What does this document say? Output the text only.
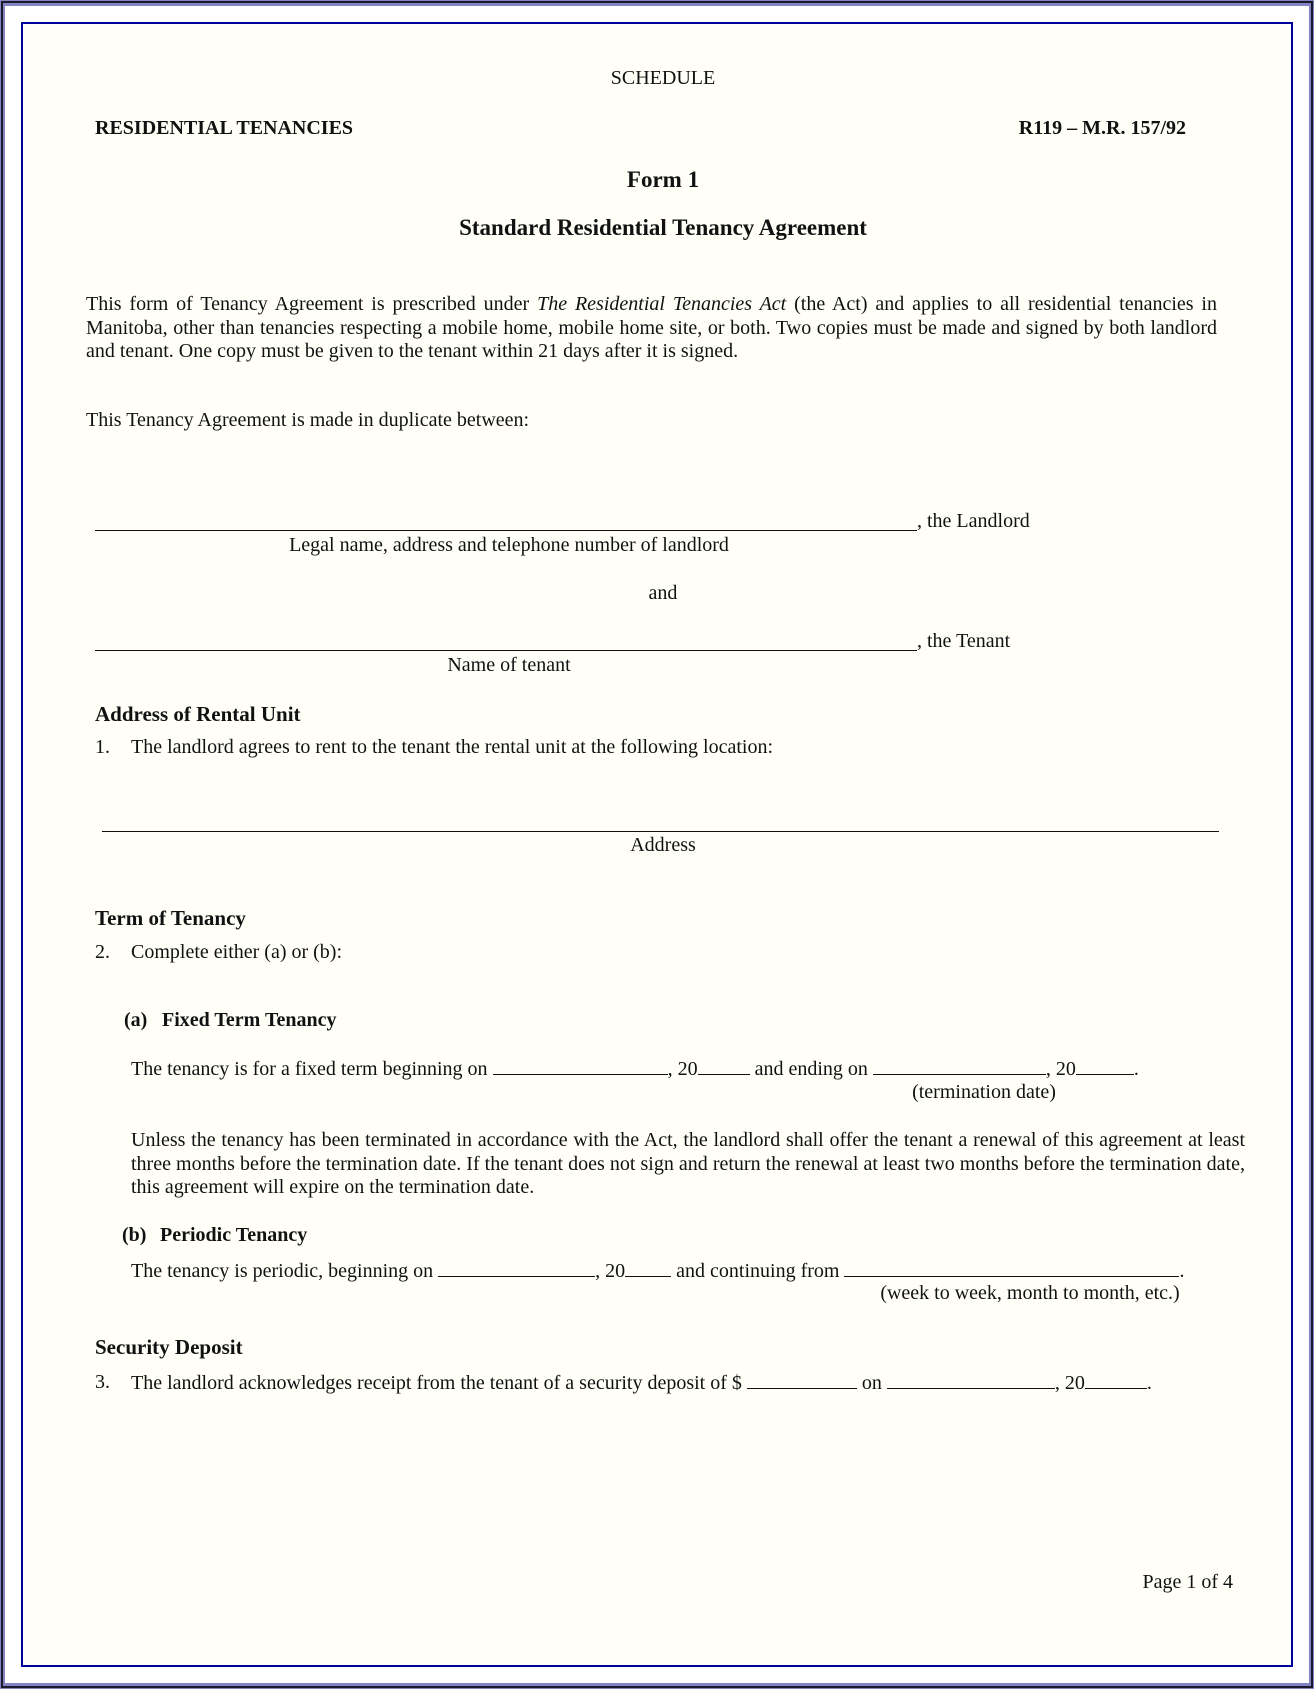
SCHEDULE
RESIDENTIAL TENANCIES	R119 – M.R. 157/92
Form 1
Standard Residential Tenancy Agreement
This form of Tenancy Agreement is prescribed under The Residential Tenancies Act (the Act) and applies to all residential tenancies in Manitoba, other than tenancies respecting a mobile home, mobile home site, or both. Two copies must be made and signed by both landlord and tenant. One copy must be given to the tenant within 21 days after it is signed.
This Tenancy Agreement is made in duplicate between:
, the Landlord
Legal name, address and telephone number of landlord
and
, the Tenant
Name of tenant
Address of Rental Unit
1. The landlord agrees to rent to the tenant the rental unit at the following location:
Address
Term of Tenancy
2. Complete either (a) or (b):
(a) Fixed Term Tenancy
The tenancy is for a fixed term beginning on	, 20	and ending on	, 20	.
(termination date)
Unless the tenancy has been terminated in accordance with the Act, the landlord shall offer the tenant a renewal of this agreement at least three months before the termination date. If the tenant does not sign and return the renewal at least two months before the termination date, this agreement will expire on the termination date.
(b) Periodic Tenancy
The tenancy is periodic, beginning on	, 20 and continuing from	.
(week to week, month to month, etc.)
Security Deposit
3. The landlord acknowledges receipt from the tenant of a security deposit of $	on	, 20	.
Page 1 of 4
